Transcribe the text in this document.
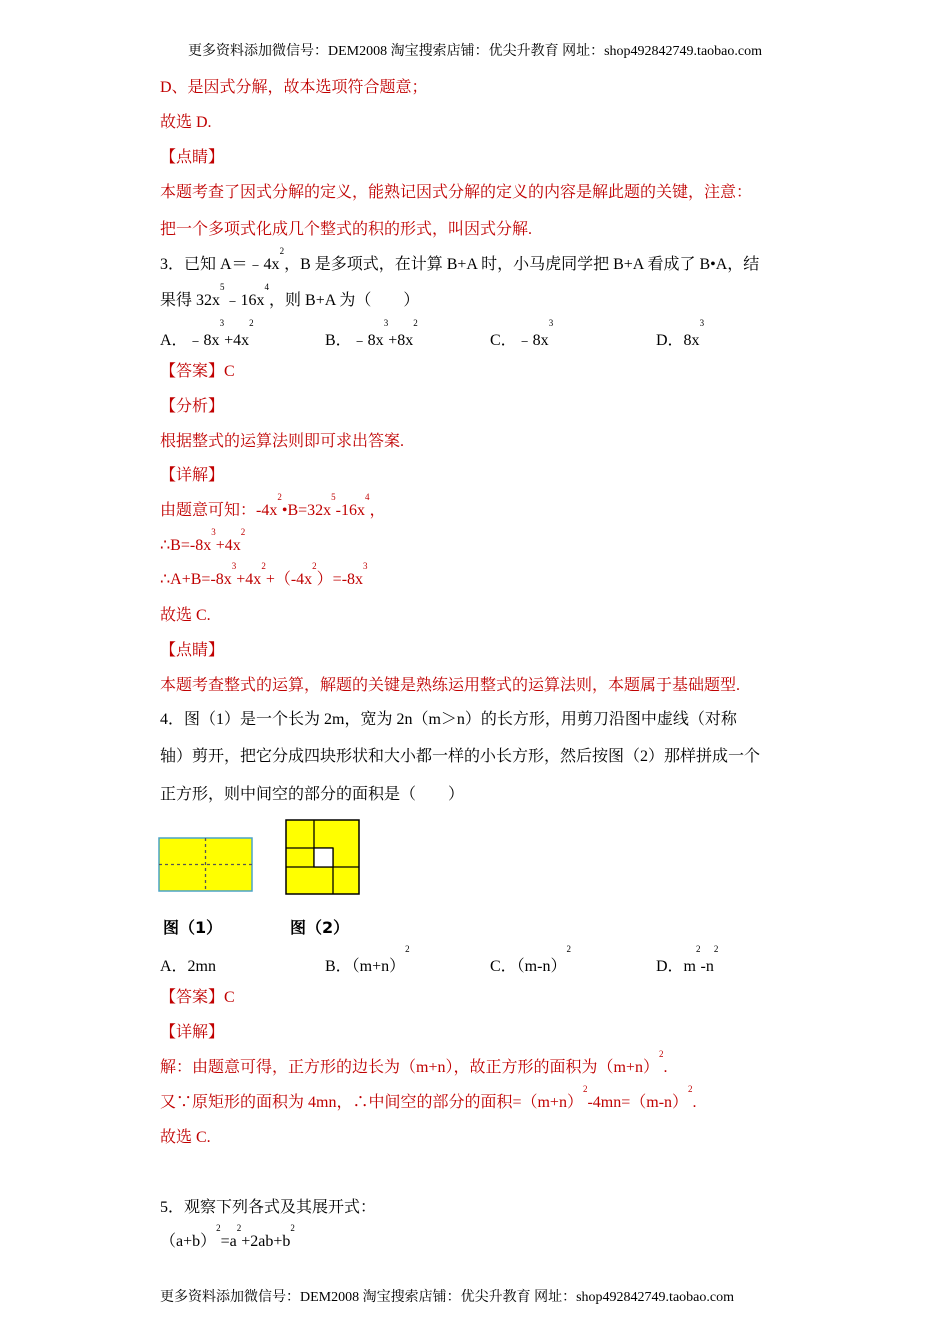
更多资料添加微信号：DEM2008 淘宝搜索店铺：优尖升教育 网址：shop492842749.taobao.com
D、是因式分解，故本选项符合题意；
故选 D.
【点睛】
本题考查了因式分解的定义，能熟记因式分解的定义的内容是解此题的关键，注意：
把一个多项式化成几个整式的积的形式，叫因式分解.
3．已知 $A=﹣4x^2$，B 是多项式，在计算 B+A 时，小马虎同学把 B+A 看成了 B•A，结
果得 $32x^5﹣16x^4$，则 B+A 为（　　）
A．$﹣8x^3+4x^2$
B．$﹣8x^3+8x^2$
C．$﹣8x^3$
D．$8x^3$
【答案】C
【分析】
根据整式的运算法则即可求出答案.
【详解】
由题意可知：$-4x^2•B=32x^5-16x^4$，
$\therefore B=-8x^3+4x^2$
$\therefore A+B=-8x^3+4x^2+(-4x^2)=-8x^3$
故选 C.
【点睛】
本题考查整式的运算，解题的关键是熟练运用整式的运算法则，本题属于基础题型.
4．图（1）是一个长为 2m，宽为 2n（m＞n）的长方形，用剪刀沿图中虚线（对称
轴）剪开，把它分成四块形状和大小都一样的小长方形，然后按图（2）那样拼成一个
正方形，则中间空的部分的面积是（　　）
图（1）	图（2）
A．2mn	B．$(m+n)^2$
C．$(m-n)^2$
D．$m^2-n^2$
【答案】C
【详解】
解：由题意可得，正方形的边长为（m+n），故正方形的面积为$(m+n)^2$.
又∵原矩形的面积为 4mn，∴中间空的部分的面积$=(m+n)^2-4mn=(m-n)^2$.
故选 C.
5．观察下列各式及其展开式：
$(a+b)^2=a^2+2ab+b^2$
更多资料添加微信号：DEM2008 淘宝搜索店铺：优尖升教育 网址：shop492842749.taobao.com
